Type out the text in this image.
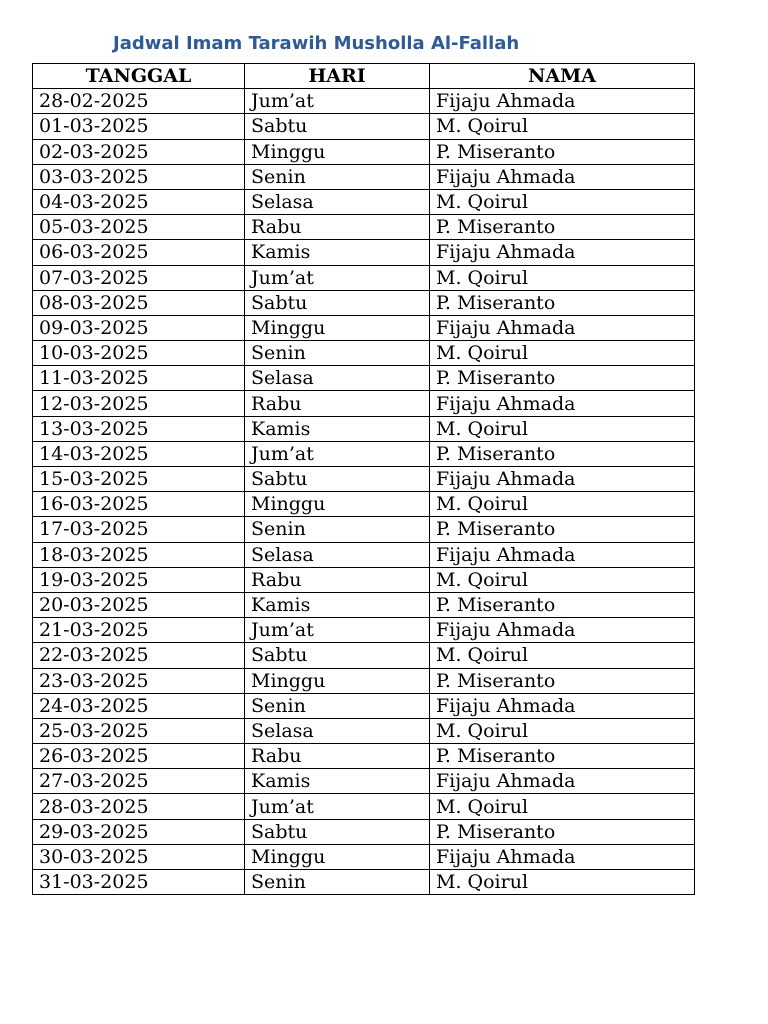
Jadwal Imam Tarawih Musholla Al-Fallah
TANGGAL	HARI	NAMA
28-02-2025	Jum’at	Fijaju Ahmada
01-03-2025	Sabtu	M. Qoirul
02-03-2025	Minggu	P. Miseranto
03-03-2025	Senin	Fijaju Ahmada
04-03-2025	Selasa	M. Qoirul
05-03-2025	Rabu	P. Miseranto
06-03-2025	Kamis	Fijaju Ahmada
07-03-2025	Jum’at	M. Qoirul
08-03-2025	Sabtu	P. Miseranto
09-03-2025	Minggu	Fijaju Ahmada
10-03-2025	Senin	M. Qoirul
11-03-2025	Selasa	P. Miseranto
12-03-2025	Rabu	Fijaju Ahmada
13-03-2025	Kamis	M. Qoirul
14-03-2025	Jum’at	P. Miseranto
15-03-2025	Sabtu	Fijaju Ahmada
16-03-2025	Minggu	M. Qoirul
17-03-2025	Senin	P. Miseranto
18-03-2025	Selasa	Fijaju Ahmada
19-03-2025	Rabu	M. Qoirul
20-03-2025	Kamis	P. Miseranto
21-03-2025	Jum’at	Fijaju Ahmada
22-03-2025	Sabtu	M. Qoirul
23-03-2025	Minggu	P. Miseranto
24-03-2025	Senin	Fijaju Ahmada
25-03-2025	Selasa	M. Qoirul
26-03-2025	Rabu	P. Miseranto
27-03-2025	Kamis	Fijaju Ahmada
28-03-2025	Jum’at	M. Qoirul
29-03-2025	Sabtu	P. Miseranto
30-03-2025	Minggu	Fijaju Ahmada
31-03-2025	Senin	M. Qoirul
